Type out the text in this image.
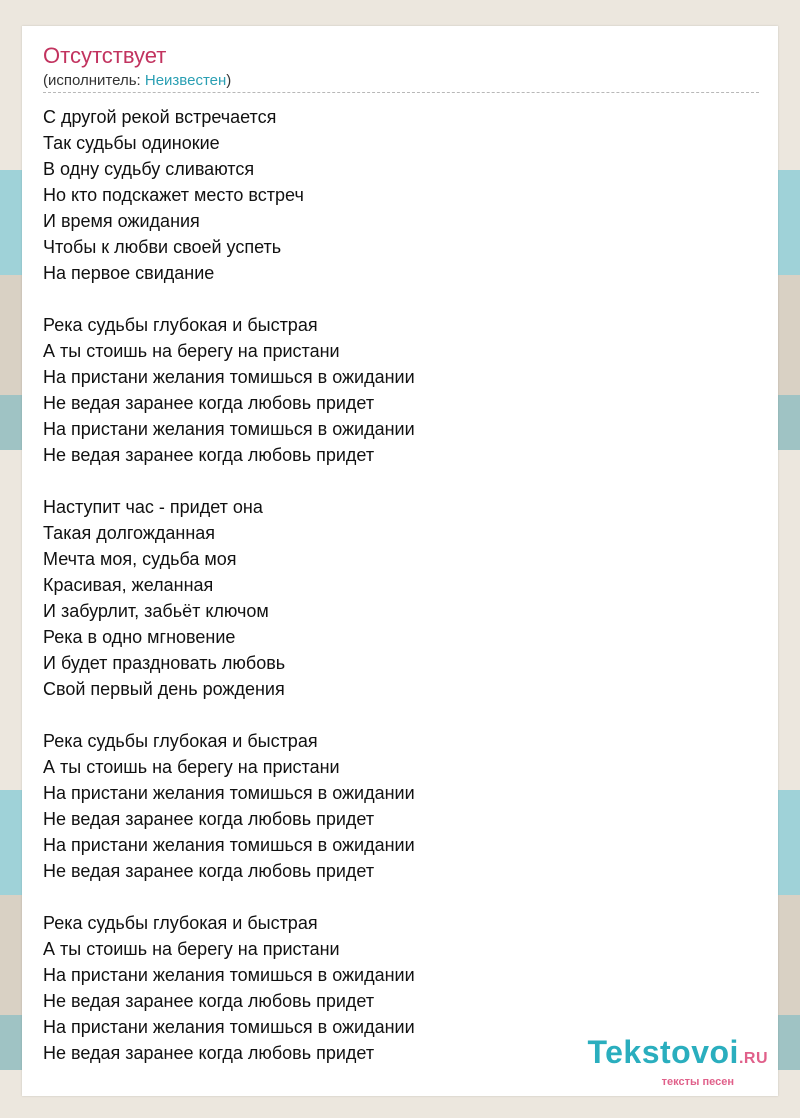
Отсутствует
(исполнитель: Неизвестен)
С другой рекой встречается
Так судьбы одинокие
В одну судьбу сливаются
Но кто подскажет место встреч
И время ожидания
Чтобы к любви своей успеть
На первое свидание
Река судьбы глубокая и быстрая
А ты стоишь на берегу на пристани
На пристани желания томишься в ожидании
Не ведая заранее когда любовь придет
На пристани желания томишься в ожидании
Не ведая заранее когда любовь придет
Наступит час - придет она
Такая долгожданная
Мечта моя, судьба моя
Красивая, желанная
И забурлит, забьёт ключом
Река в одно мгновение
И будет праздновать любовь
Свой первый день рождения
Река судьбы глубокая и быстрая
А ты стоишь на берегу на пристани
На пристани желания томишься в ожидании
Не ведая заранее когда любовь придет
На пристани желания томишься в ожидании
Не ведая заранее когда любовь придет
Река судьбы глубокая и быстрая
А ты стоишь на берегу на пристани
На пристани желания томишься в ожидании
Не ведая заранее когда любовь придет
На пристани желания томишься в ожидании
Не ведая заранее когда любовь придет	Tekstovoi.RU
тексты песен
